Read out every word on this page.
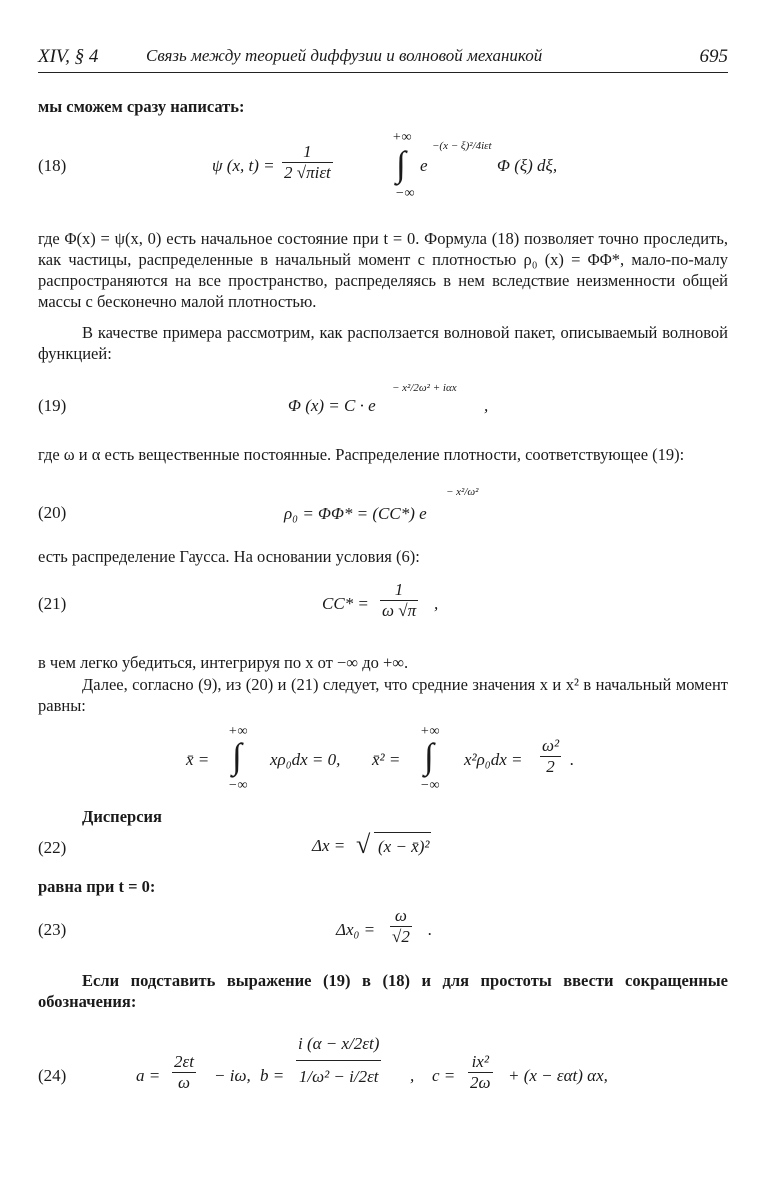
XIV, § 4	Связь между теорией диффузии и волновой механикой	695
мы сможем сразу написать:
(18)	ψ (x, t) =
1
2 √πiεt
+∞
∫
−∞
e
−(x − ξ)²/4iεt
Φ (ξ) dξ,
где Φ(x) = ψ(x, 0) есть начальное состояние при t = 0. Формула (18) позволяет точно проследить, как частицы, распределенные в начальный момент с плотностью ρ₀ (x) = ΦΦ*, мало-по-малу распространяются на все пространство, распределяясь в нем вследствие неизменности общей массы с бесконечно малой плотностью.
В качестве примера рассмотрим, как расползается волновой пакет, описываемый волновой функцией:
(19)	Φ (x) = C · e
− x²/2ω² + iαx
,
где ω и α есть вещественные постоянные. Распределение плотности, соответствующее (19):
(20)	ρ₀ = ΦΦ* = (CC*) e
− x²/ω²
есть распределение Гаусса. На основании условия (6):
(21)	$CC* = \frac{1}{\omega √\pi}$ ,
в чем легко убедиться, интегрируя по x от −∞ до +∞.
Далее, согласно (9), из (20) и (21) следует, что средние значения x и x² в начальный момент равны:
x̄ =
+∞
∫
−∞
xρ₀dx = 0, x̄² =
+∞
∫
−∞
$x^2\rho_0dx = \frac{\text{ω²}}{2}$ .
Дисперсия
(22)	Δx = √ (x − x̄)²
равна при t = 0:
(23)	$\Delta x_0 = \frac{\omega}{√2}$ .
Если подставить выражение (19) в (18) и для простоты ввести сокращенные обозначения:
(24)	$a = \frac{2\varepsilon t}{\omega} - i\omega$, $b = \frac{i (\alpha - x/2\varepsilon t)}{\text{1/ω² − i/2εt}}$ , $c = \frac{\text{ix²}}{2\omega} + (x - \varepsilon\alpha t)$ αx,
